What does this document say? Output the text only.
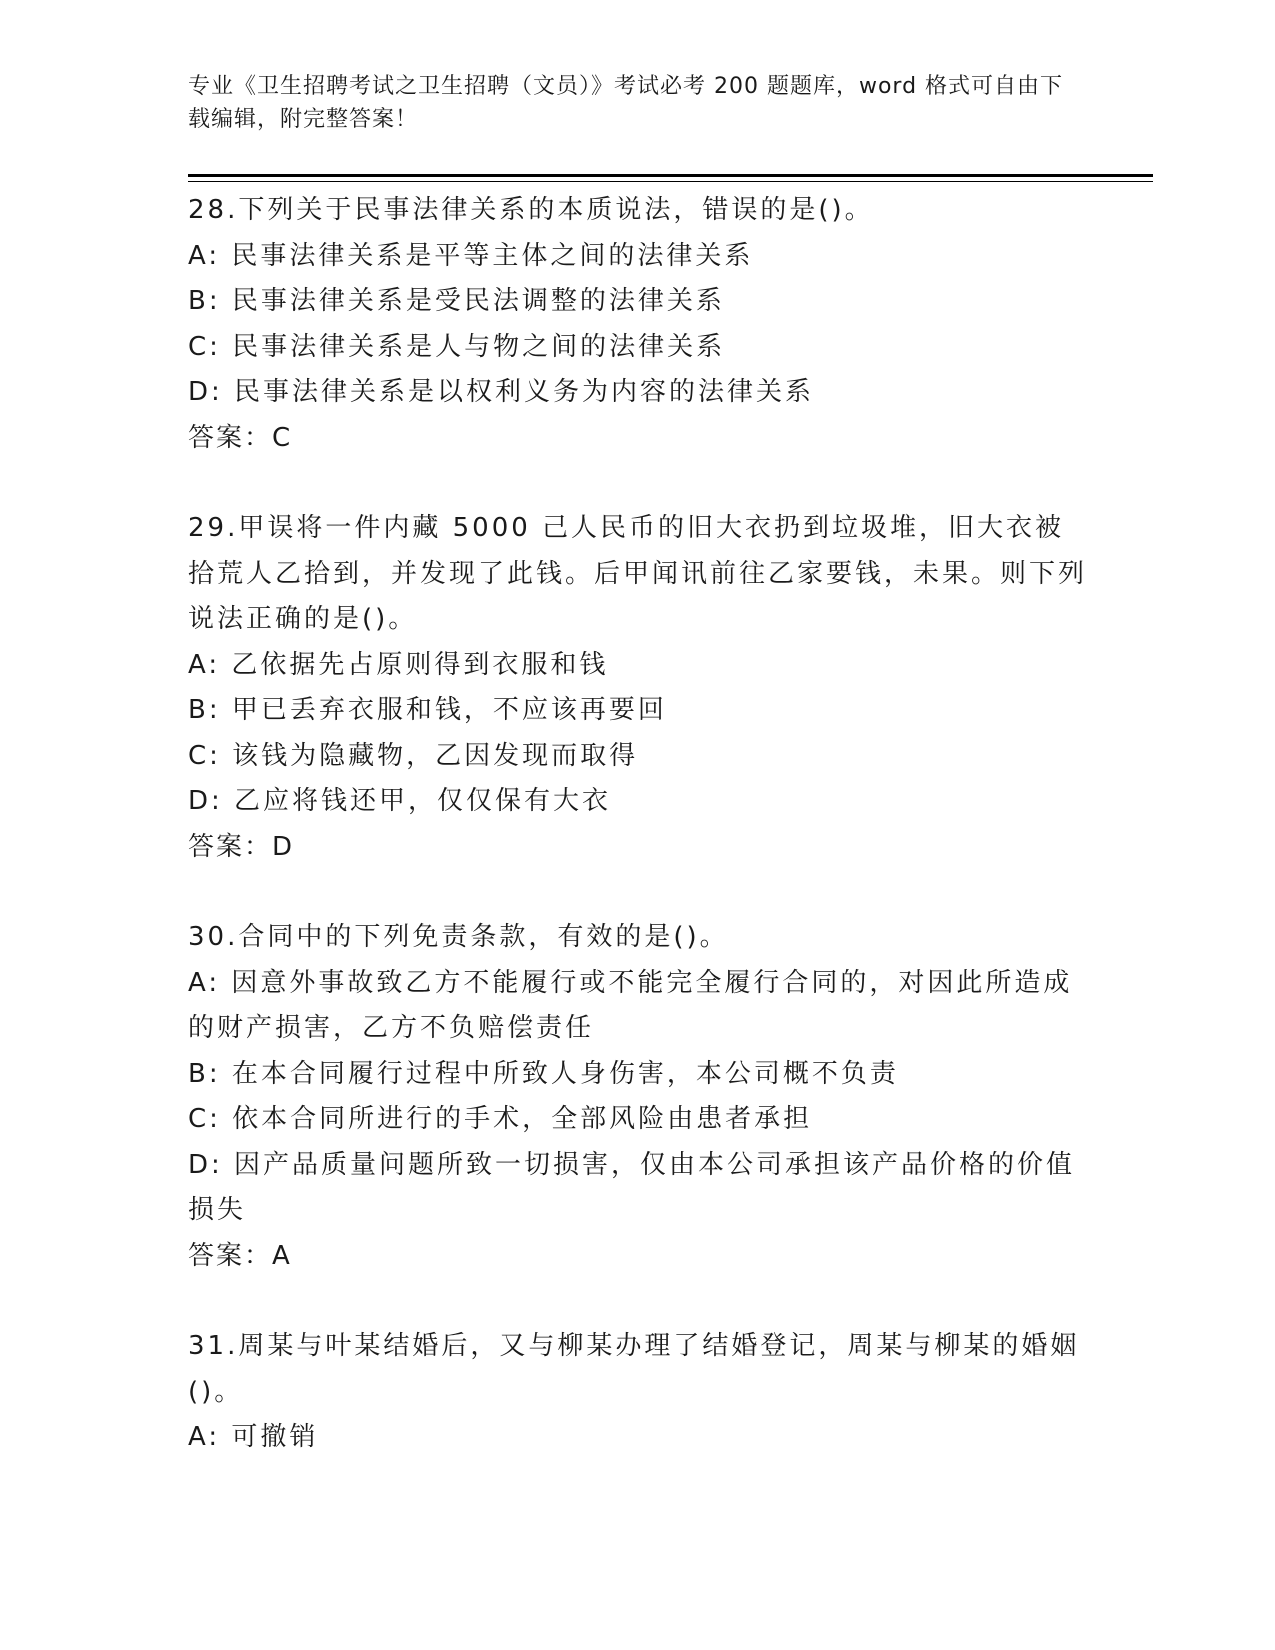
专业《卫生招聘考试之卫生招聘（文员）》考试必考 200 题题库，word 格式可自由下载编辑，附完整答案！
28.下列关于民事法律关系的本质说法，错误的是()。
A: 民事法律关系是平等主体之间的法律关系
B: 民事法律关系是受民法调整的法律关系
C: 民事法律关系是人与物之间的法律关系
D: 民事法律关系是以权利义务为内容的法律关系
答案：C
29.甲误将一件内藏 5000 己人民币的旧大衣扔到垃圾堆，旧大衣被拾荒人乙拾到，并发现了此钱。后甲闻讯前往乙家要钱，未果。则下列说法正确的是()。
A: 乙依据先占原则得到衣服和钱
B: 甲已丢弃衣服和钱，不应该再要回
C: 该钱为隐藏物，乙因发现而取得
D: 乙应将钱还甲，仅仅保有大衣
答案：D
30.合同中的下列免责条款，有效的是()。
A: 因意外事故致乙方不能履行或不能完全履行合同的，对因此所造成的财产损害，乙方不负赔偿责任
B: 在本合同履行过程中所致人身伤害，本公司概不负责
C: 依本合同所进行的手术，全部风险由患者承担
D: 因产品质量问题所致一切损害，仅由本公司承担该产品价格的价值损失
答案：A
31.周某与叶某结婚后，又与柳某办理了结婚登记，周某与柳某的婚姻()。
A: 可撤销
